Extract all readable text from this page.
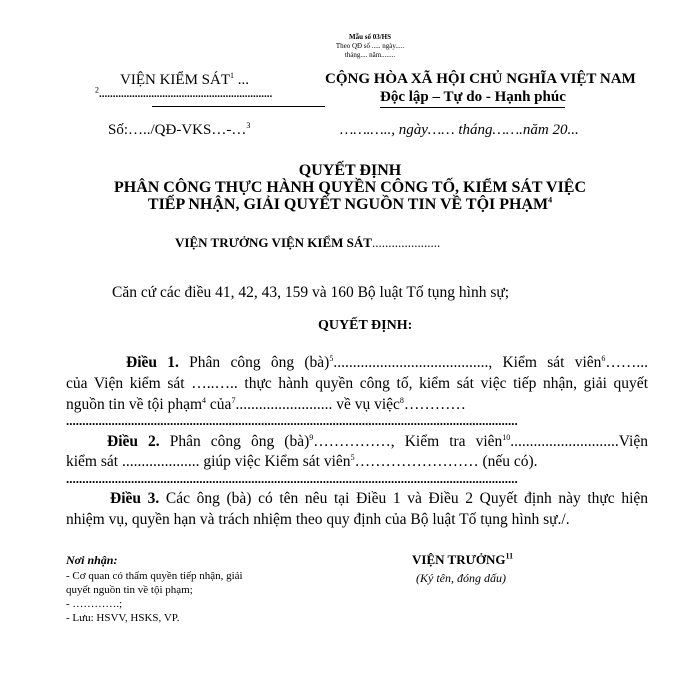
Mẫu số 03/HS
Theo QĐ số ..... ngày.....
tháng.... năm........
VIỆN KIỂM SÁT$^1$ ...
$^2$...............................................................
CỘNG HÒA XÃ HỘI CHỦ NGHĨA VIỆT NAM
Độc lập – Tự do - Hạnh phúc
Số:…../QĐ-VKS…-…$^3$	…….….., ngày…… tháng…….năm 20...
QUYẾT ĐỊNH
PHÂN CÔNG THỰC HÀNH QUYỀN CÔNG TỐ, KIỂM SÁT VIỆC
TIẾP NHẬN, GIẢI QUYẾT NGUỒN TIN VỀ TỘI PHẠM$^4$
VIỆN TRƯỞNG VIỆN KIỂM SÁT.....................
Căn cứ các điều 41, 42, 43, 159 và 160 Bộ luật Tố tụng hình sự;
QUYẾT ĐỊNH:
Điều 1. Phân công ông (bà)$^5$........................................, Kiểm sát viên$^6$……...
của Viện kiểm sát …..….. thực hành quyền công tố, kiểm sát việc tiếp nhận, giải quyết
nguồn tin về tội phạm$^4$ của$^7$......................... về vụ việc$^8$…………
...........................................................................................................................................
Điều 2. Phân công ông (bà)$^9$……………, Kiểm tra viên$^{10}$............................Viện
kiểm sát .................... giúp việc Kiểm sát viên$^5$…………………… (nếu có).
...........................................................................................................................................
Điều 3. Các ông (bà) có tên nêu tại Điều 1 và Điều 2 Quyết định này thực hiện
nhiệm vụ, quyền hạn và trách nhiệm theo quy định của Bộ luật Tố tụng hình sự./.
Nơi nhận:
- Cơ quan có thẩm quyền tiếp nhận, giải
quyết nguồn tin về tội phạm;
- ………….;
- Lưu: HSVV, HSKS, VP.
VIỆN TRƯỞNG$^{11}$
(Ký tên, đóng dấu)
